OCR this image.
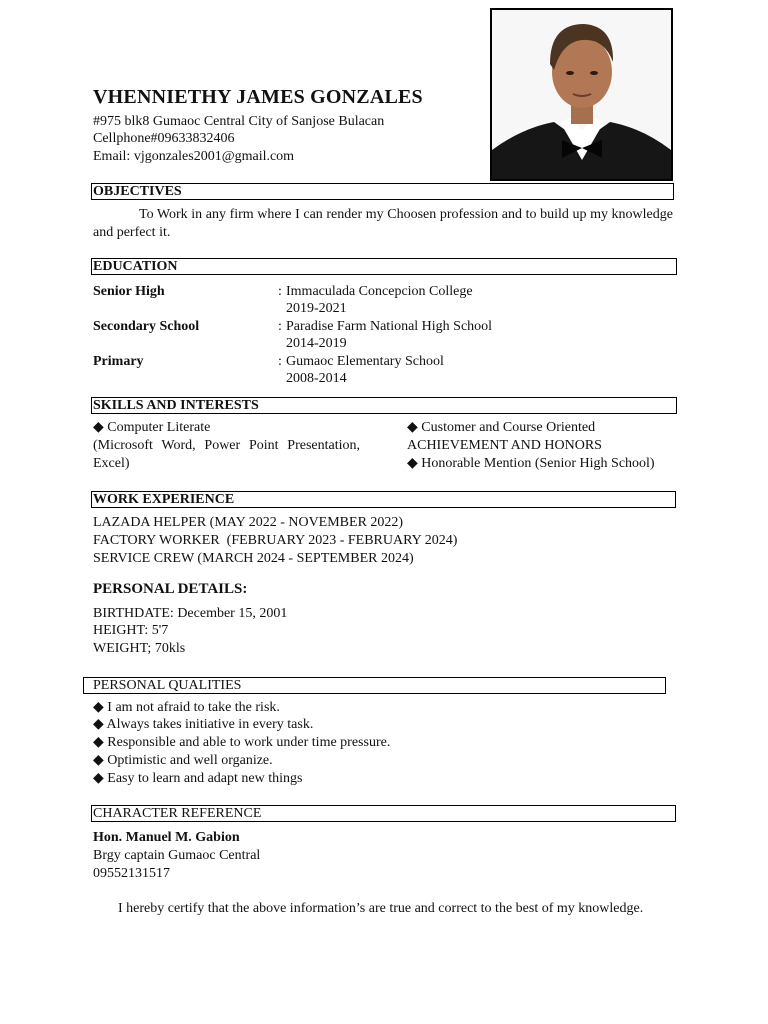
VHENNIETHY JAMES GONZALES
#975 blk8 Gumaoc Central City of Sanjose Bulacan
Cellphone#09633832406
Email: vjgonzales2001@gmail.com
OBJECTIVES
To Work in any firm where I can render my Choosen profession and to build up my knowledge and perfect it.
EDUCATION
Senior High	: Immaculada Concepcion College
2019-2021
Secondary School	: Paradise Farm National High School
2014-2019
Primary	: Gumaoc Elementary School
2008-2014
SKILLS AND INTERESTS
◆ Computer Literate
(Microsoft Word, Power Point Presentation, Excel)
◆ Customer and Course Oriented
ACHIEVEMENT AND HONORS
◆ Honorable Mention (Senior High School)
WORK EXPERIENCE
LAZADA HELPER (MAY 2022 - NOVEMBER 2022)
FACTORY WORKER  (FEBRUARY 2023 - FEBRUARY 2024)
SERVICE CREW (MARCH 2024 - SEPTEMBER 2024)
PERSONAL DETAILS:
BIRTHDATE: December 15, 2001
HEIGHT: 5'7
WEIGHT; 70kls
PERSONAL QUALITIES
◆ I am not afraid to take the risk.
◆ Always takes initiative in every task.
◆ Responsible and able to work under time pressure.
◆ Optimistic and well organize.
◆ Easy to learn and adapt new things
CHARACTER REFERENCE
Hon. Manuel M. Gabion
Brgy captain Gumaoc Central
09552131517
I hereby certify that the above information’s are true and correct to the best of my knowledge.
